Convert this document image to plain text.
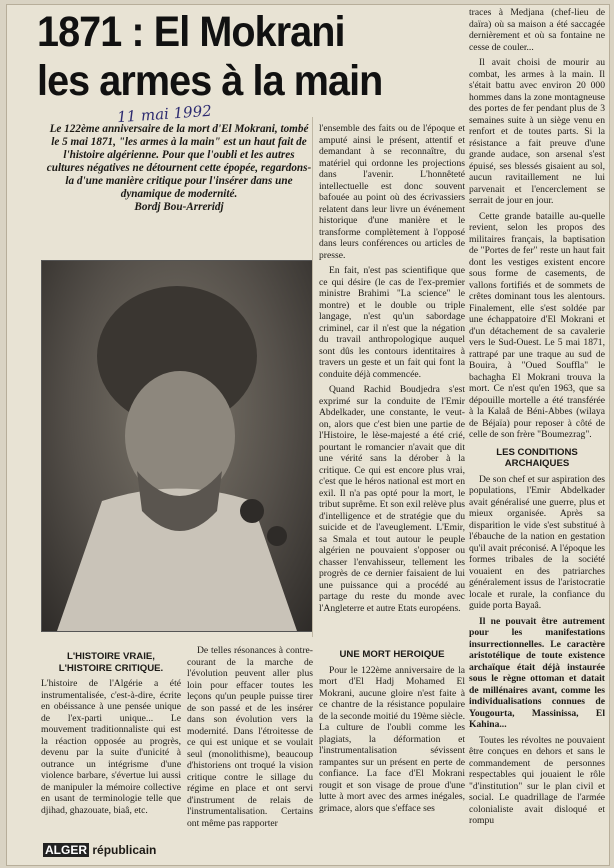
1871 : El Mokrani
les armes à la main
11 mai 1992
Le 122ème anniversaire de la mort d'El Mokrani, tombé le 5 mai 1871, "les armes à la main" est un haut fait de l'histoire algérienne. Pour que l'oubli et les autres cultures négatives ne détournent cette épopée, regardons-la d'une manière critique pour l'insérer dans une dynamique de modernité.
Bordj Bou-Arreridj

l'ensemble des faits ou de l'époque et amputé ainsi le présent, attentif et demandant à se reconnaître, du matériel qui ordonne les projections dans l'avenir. L'honnêteté intellectuelle est donc souvent bafouée au point où des écrivassiers relatent dans leur livre un événement historique d'une manière et le transforme complètement à l'opposé dans leurs conférences ou articles de presse.

En fait, n'est pas scientifique que ce qui désire (le cas de l'ex-premier ministre Brahimi "La science" le montre) et le double ou triple langage, n'est qu'un sabordage criminel, car il n'est que la négation du travail anthropologique auquel sont dûs les contours identitaires à travers un geste et un fait qui font la conduite déjà commencée.

Quand Rachid Boudjedra s'est exprimé sur la conduite de l'Emir Abdelkader, une constante, le veut-on, alors que c'est bien une partie de l'Histoire, le lèse-majesté a été crié, pourtant le romancier n'avait que dit une vérité sans la dérober à la critique. Ce qui est encore plus vrai, c'est que le héros national est mort en exil. Il n'a pas opté pour la mort, le tribut suprême. Et son exil relève plus d'intelligence et de stratégie que du suicide et de l'aveuglement. L'Emir, sa Smala et tout autour le peuple algérien ne pouvaient s'opposer ou chasser l'envahisseur, tellement les progrès de ce dernier faisaient de lui une puissance qui a procédé au partage du reste du monde avec l'Angleterre et autre Etats européens.

UNE MORT HEROIQUE

Pour le 122ème anniversaire de la mort d'El Hadj Mohamed El Mokrani, aucune gloire n'est faite à ce chantre de la résistance populaire de la seconde moitié du 19ème siècle. La culture de l'oubli comme les plagiats, la déformation et l'instrumentalisation sévissent rampantes sur un présent en perte de confiance. La face d'El Mokrani rougit et son visage de proue d'une lutte à mort avec des armes inégales, grimace, alors que s'efface ses

traces à Medjana (chef-lieu de daïra) où sa maison a été saccagée dernièrement et où sa fontaine ne cesse de couler...

Il avait choisi de mourir au combat, les armes à la main. Il s'était battu avec environ 20 000 hommes dans la zone montagneuse des portes de fer pendant plus de 3 semaines suite à un siège venu en renfort et de toutes parts. Si la résistance a fait preuve d'une grande audace, son arsenal s'est épuisé, ses blessés gisaient au sol, aucun ravitaillement ne lui parvenait et l'encerclement se serrait de jour en jour.

Cette grande bataille au-quelle revient, selon les propos des militaires français, la baptisation de "Portes de fer" reste un haut fait dont les vestiges existent encore sous forme de casements, de vallons fortifiés et de sommets de crêtes dominant tous les alentours. Finalement, elle s'est soldée par une échappatoire d'El Mokrani et d'un détachement de sa cavalerie vers le Sud-Ouest. Le 5 mai 1871, rattrapé par une traque au sud de Bouira, à "Oued Souffla" le bachagha El Mokrani trouva la mort. Ce n'est qu'en 1963, que sa dépouille mortelle a été transférée à la Kalaâ de Béni-Abbes (wilaya de Béjaïa) pour reposer à côté de celle de son frère "Boumezrag".

LES CONDITIONS ARCHAIQUES

De son chef et sur aspiration des populations, l'Emir Abdelkader avait généralisé une guerre, plus et mieux organisée. Après sa disparition le vide s'est substitué à l'ébauche de la nation en gestation qu'il avait préconisé. A l'époque les formes tribales de la société vouaient en des patriarches généralement issus de l'aristocratie locale et rurale, la confiance du guide porta Bayaâ.

Il ne pouvait être autrement pour les manifestations insurrectionnelles. Le caractère aristotélique de toute existence archaïque était déjà instaurée sous le règne ottoman et datait de millénaires avant, comme les individualisations connues de Yougourta, Massinissa, El Kahina...

Toutes les révoltes ne pouvaient être conçues en dehors et sans le commandement de personnes respectables qui jouaient le rôle "d'institution" sur le plan civil et social. Le quadrillage de l'armée colonialiste avait disloqué et rompu

L'HISTOIRE VRAIE, L'HISTOIRE CRITIQUE.

L'histoire de l'Algérie a été instrumentalisée, c'est-à-dire, écrite en obéissance à une pensée unique de l'ex-parti unique... Le mouvement traditionnaliste qui est la réaction opposée au progrès, devenu par la suite d'unicité à outrance un intégrisme d'une violence barbare, s'évertue lui aussi de manipuler la mémoire collective en usant de terminologie telle que djihad, ghazouate, biaâ, etc.

De telles résonances à contre-courant de la marche de l'évolution peuvent aller plus loin pour effacer toutes les leçons qu'un peuple puisse tirer de son passé et de les insérer dans son évolution vers la modernité. Dans l'étroitesse de ce qui est unique et se voulait seul (monolithisme), beaucoup d'historiens ont troqué la vision critique contre le sillage du régime en place et ont servi d'instrument de relais de l'instrumentalisation. Certains ont même pas rapporter

ALGER républicain
